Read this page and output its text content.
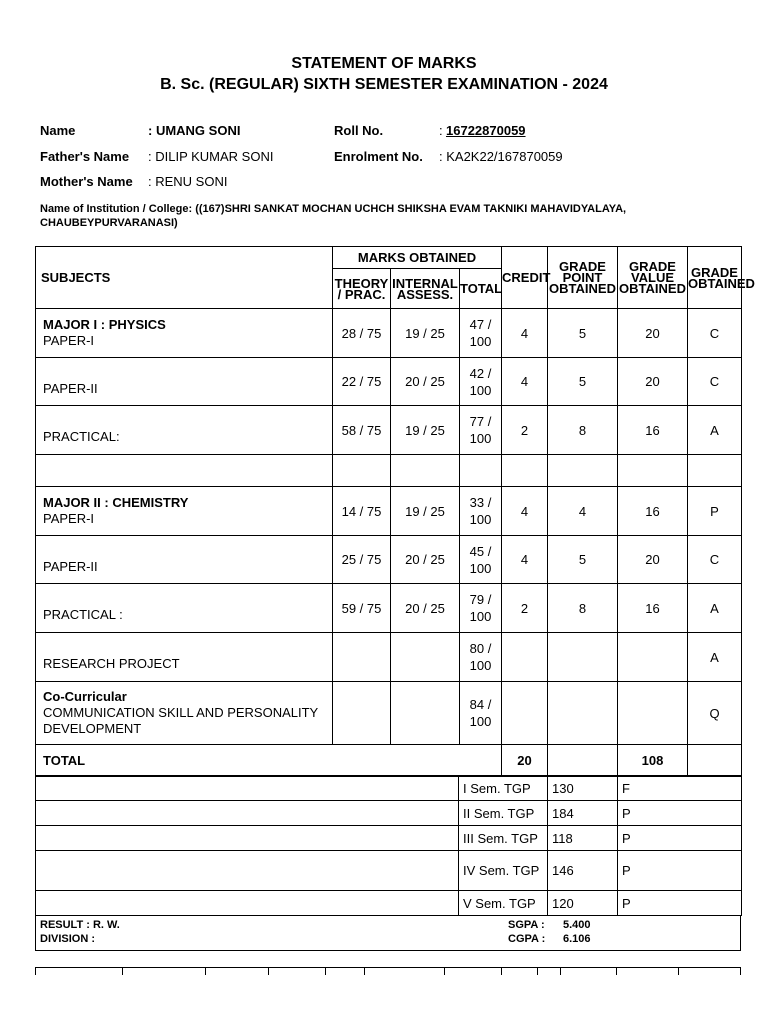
STATEMENT OF MARKS
B. Sc. (REGULAR) SIXTH SEMESTER EXAMINATION - 2024
Name	: UMANG SONI	Roll No.	: 16722870059
Father's Name : DILIP KUMAR SONI	Enrolment No. : KA2K22/167870059
Mother's Name : RENU SONI
Name of Institution / College: ((167)SHRI SANKAT MOCHAN UCHCH SHIKSHA EVAM TAKNIKI MAHAVIDYALAYA, CHAUBEYPURVARANASI)
SUBJECTS	MARKS OBTAINED			CREDIT	GRADE POINT OBTAINED	GRADE VALUE OBTAINED	GRADE OBTAINED
	THEORY / PRAC.	INTERNAL ASSESS.	TOTAL				

MAJOR I : PHYSICS
PAPER-I	28 / 75	19 / 25	47 / 100	4	5	20	C

PAPER-II	22 / 75	20 / 25	42 / 100	4	5	20	C

PRACTICAL:	58 / 75	19 / 25	77 / 100	2	8	16	A

MAJOR II : CHEMISTRY
PAPER-I	14 / 75	19 / 25	33 / 100	4	4	16	P

PAPER-II	25 / 75	20 / 25	45 / 100	4	5	20	C

PRACTICAL :	59 / 75	20 / 25	79 / 100	2	8	16	A

RESEARCH PROJECT			80 / 100				A

Co-Curricular
COMMUNICATION SKILL AND PERSONALITY DEVELOPMENT			84 / 100				Q
TOTAL				20		108	
	I Sem. TGP	130	F
	II Sem. TGP	184	P
	III Sem. TGP	118	P
	IV Sem. TGP	146	P
	V Sem. TGP	120	P
RESULT : R. W.
DIVISION :
SGPA : 5.400
CGPA : 6.106
